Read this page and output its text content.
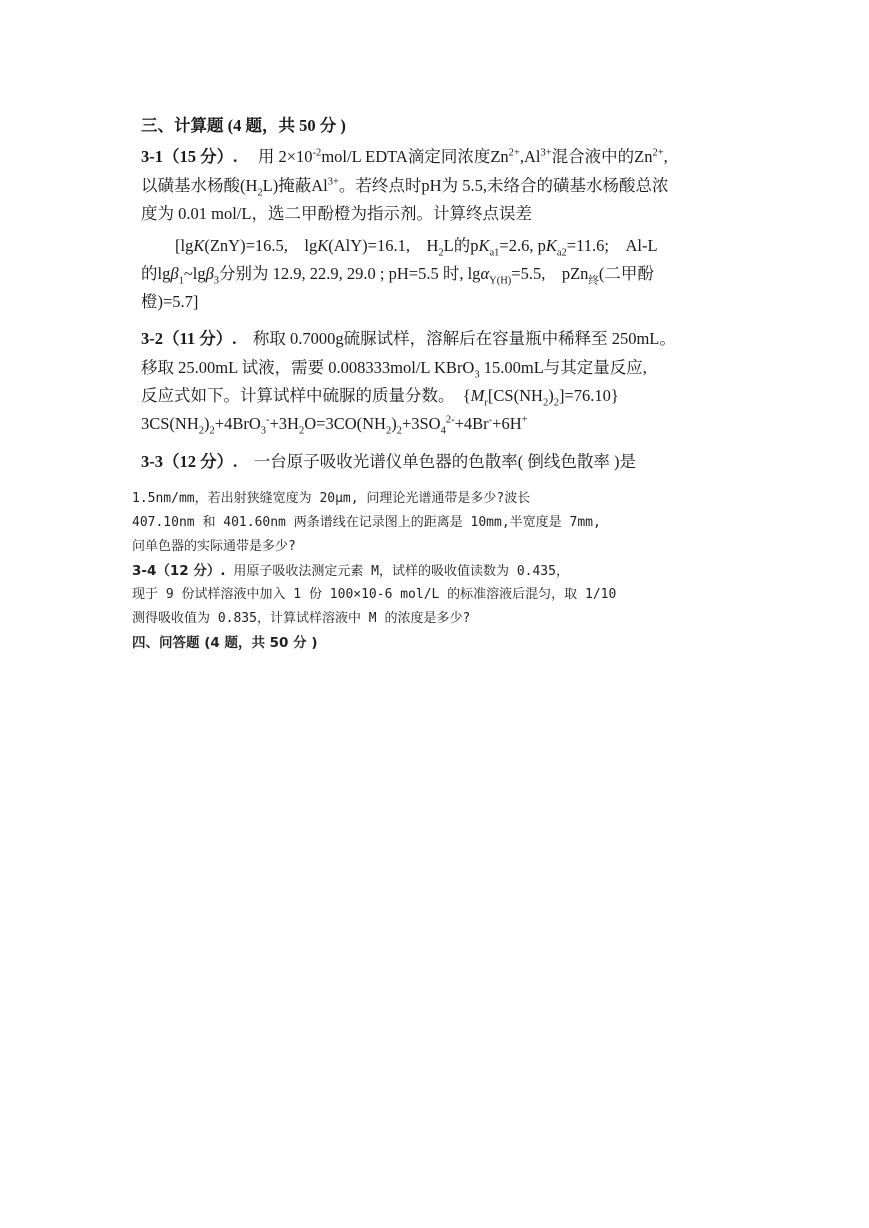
三、计算题 (4 题，共 50 分 )
3-1（15 分）.　 用 $2\times 10^{-2}mol/L$ EDTA滴定同浓度$Zn^{2+},Al^{3+}$混合液中的$Zn^{2+}$,
以磺基水杨酸$(H_2L)$掩蔽$Al^{3+}$。若终点时pH为 5.5,未络合的磺基水杨酸总浓
度为 0.01 mol/L，选二甲酚橙为指示剂。计算终点误差
[lgK(ZnY)=16.5,　lgK(AlY)=16.1,　$H_2L$的$pK_{a1}=2.6$, $pK_{a2}=11.6$;　Al-L
的lgβ$_1$~lgβ$_3$分别为 12.9, 22.9, 29.0 ; pH=5.5 时, lgα$_{Y(H)}$=5.5,　pZn$_终$(二甲酚
橙)=5.7]
3-2（11 分）.　 称取 0.7000g硫脲试样，溶解后在容量瓶中稀释至 250mL。
移取 25.00mL 试液，需要 0.008333mol/L KBrO$_3$ 15.00mL与其定量反应,
反应式如下。计算试样中硫脲的质量分数。　$\{M_r[CS(NH_2)_2]=76.10\}$
$3CS(NH_2)_2+4BrO_3^-+3H_2O=3CO(NH_2)_2+3SO_4^{2-}+4Br^-+6H^+$
3-3（12 分）.　 一台原子吸收光谱仪单色器的色散率( 倒线色散率 )是
1.5nm/mm，若出射狭缝宽度为 20μm, 问理论光谱通带是多少?波长
407.10nm 和 401.60nm 两条谱线在记录图上的距离是 10mm,半宽度是 7mm,
问单色器的实际通带是多少?
3-4（12 分）. 用原子吸收法测定元素 M，试样的吸收值读数为 0.435，
现于 9 份试样溶液中加入 1 份 100×10-6 mol/L 的标准溶液后混匀，取 1/10
测得吸收值为 0.835，计算试样溶液中 M 的浓度是多少?
四、问答题 (4 题，共 50 分 )
